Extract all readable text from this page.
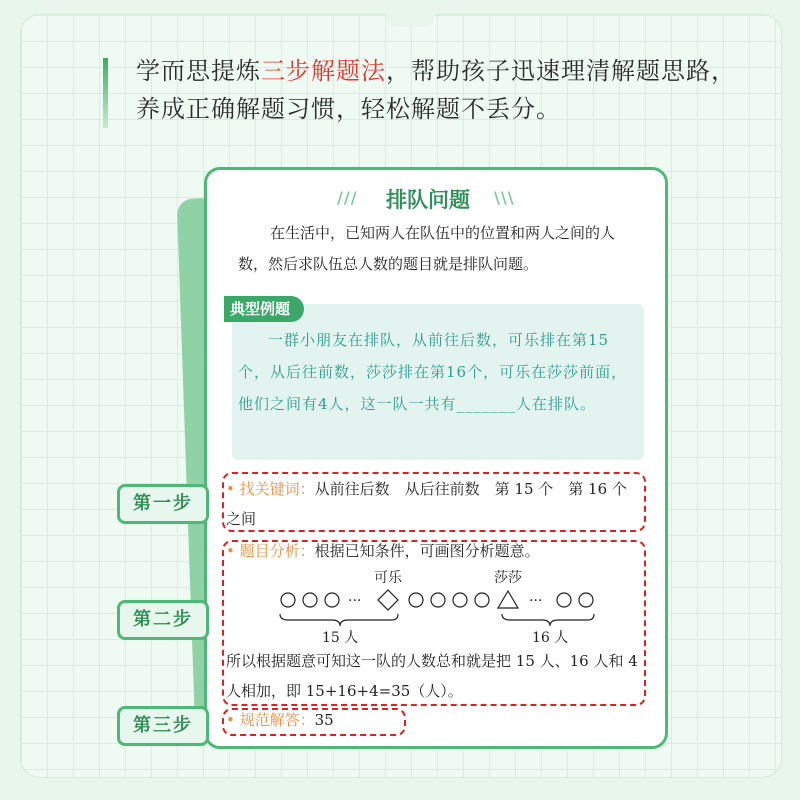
学而思提炼三步解题法，帮助孩子迅速理清解题思路，养成正确解题习惯，轻松解题不丢分。
/// 排队问题 \\\
在生活中，已知两人在队伍中的位置和两人之间的人数，然后求队伍总人数的题目就是排队问题。
典型例题
一群小朋友在排队，从前往后数，可乐排在第15个，从后往前数，莎莎排在第16个，可乐在莎莎前面，他们之间有4人，这一队一共有_______人在排队。
第一步
第二步
第三步
• 找关键词：从前往后数　从后往前数　第 15 个　第 16 个　之间
• 题目分析：根据已知条件，可画图分析题意。
···	···
可乐	莎莎
15 人	16 人
所以根据题意可知这一队的人数总和就是把 15 人、16 人和 4 人相加，即 15+16+4=35（人）。
• 规范解答：35
